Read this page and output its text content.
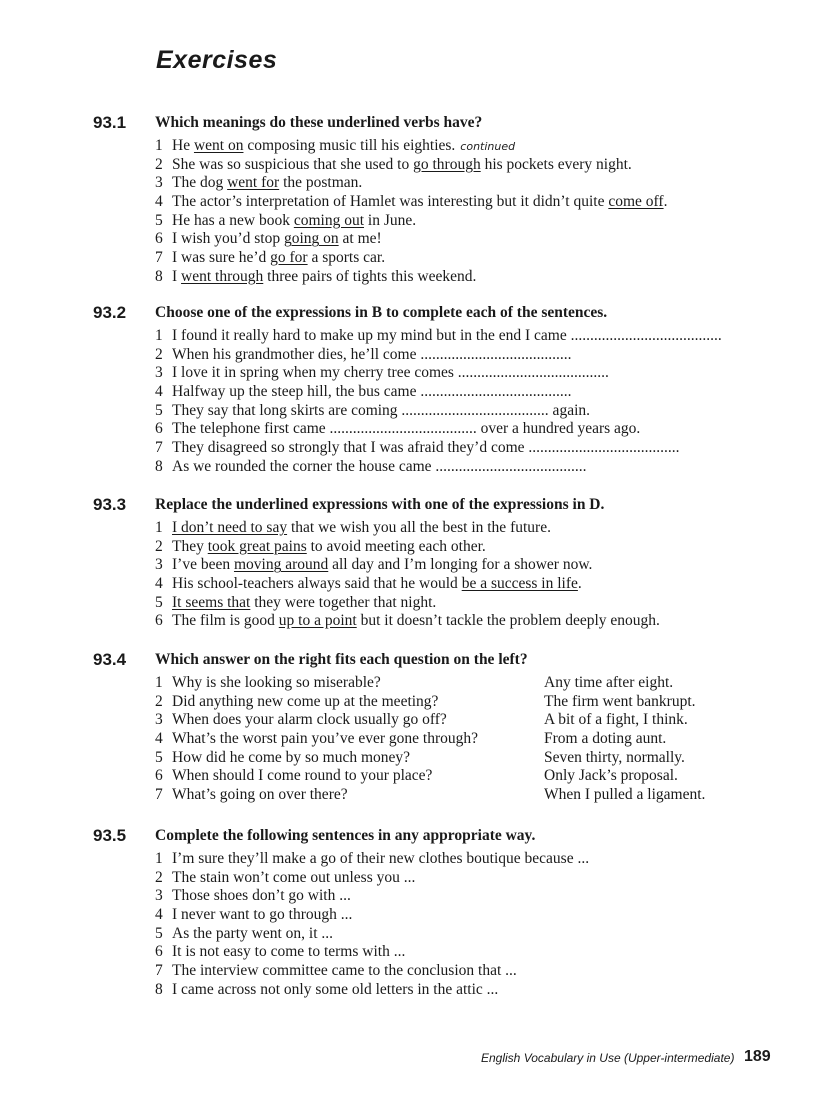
Exercises
93.1 Which meanings do these underlined verbs have?
1 He went on composing music till his eighties. continued
2 She was so suspicious that she used to go through his pockets every night.
3 The dog went for the postman.
4 The actor’s interpretation of Hamlet was interesting but it didn’t quite come off.
5 He has a new book coming out in June.
6 I wish you’d stop going on at me!
7 I was sure he’d go for a sports car.
8 I went through three pairs of tights this weekend.
93.2 Choose one of the expressions in B to complete each of the sentences.
1 I found it really hard to make up my mind but in the end I came .......................................
2 When his grandmother dies, he’ll come .......................................
3 I love it in spring when my cherry tree comes .......................................
4 Halfway up the steep hill, the bus came .......................................
5 They say that long skirts are coming ...................................... again.
6 The telephone first came ...................................... over a hundred years ago.
7 They disagreed so strongly that I was afraid they’d come .......................................
8 As we rounded the corner the house came .......................................
93.3 Replace the underlined expressions with one of the expressions in D.
1 I don’t need to say that we wish you all the best in the future.
2 They took great pains to avoid meeting each other.
3 I’ve been moving around all day and I’m longing for a shower now.
4 His school-teachers always said that he would be a success in life.
5 It seems that they were together that night.
6 The film is good up to a point but it doesn’t tackle the problem deeply enough.
93.4 Which answer on the right fits each question on the left?
1 Why is she looking so miserable?
2 Did anything new come up at the meeting?
3 When does your alarm clock usually go off?
4 What’s the worst pain you’ve ever gone through?
5 How did he come by so much money?
6 When should I come round to your place?
7 What’s going on over there?
Any time after eight.
The firm went bankrupt.
A bit of a fight, I think.
From a doting aunt.
Seven thirty, normally.
Only Jack’s proposal.
When I pulled a ligament.
93.5 Complete the following sentences in any appropriate way.
1 I’m sure they’ll make a go of their new clothes boutique because ...
2 The stain won’t come out unless you ...
3 Those shoes don’t go with ...
4 I never want to go through ...
5 As the party went on, it ...
6 It is not easy to come to terms with ...
7 The interview committee came to the conclusion that ...
8 I came across not only some old letters in the attic ...
English Vocabulary in Use (Upper-intermediate) 189
